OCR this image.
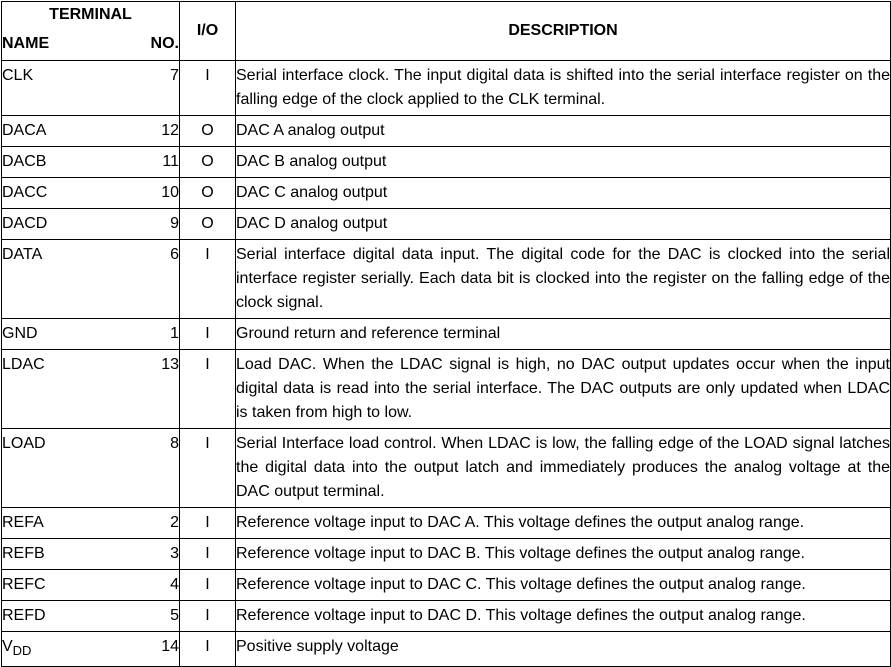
TERMINAL		I/O	DESCRIPTION
NAME	NO.		
CLK	7	I	Serial interface clock. The input digital data is shifted into the serial interface register on the falling edge of the clock applied to the CLK terminal.
DACA	12	O	DAC A analog output
DACB	11	O	DAC B analog output
DACC	10	O	DAC C analog output
DACD	9	O	DAC D analog output
DATA	6	I	Serial interface digital data input. The digital code for the DAC is clocked into the serial interface register serially. Each data bit is clocked into the register on the falling edge of the clock signal.
GND	1	I	Ground return and reference terminal
LDAC	13	I	Load DAC. When the LDAC signal is high, no DAC output updates occur when the input digital data is read into the serial interface. The DAC outputs are only updated when LDAC is taken from high to low.
LOAD	8	I	Serial Interface load control. When LDAC is low, the falling edge of the LOAD signal latches the digital data into the output latch and immediately produces the analog voltage at the DAC output terminal.
REFA	2	I	Reference voltage input to DAC A. This voltage defines the output analog range.
REFB	3	I	Reference voltage input to DAC B. This voltage defines the output analog range.
REFC	4	I	Reference voltage input to DAC C. This voltage defines the output analog range.
REFD	5	I	Reference voltage input to DAC D. This voltage defines the output analog range.
$V_{DD}$	14	I	Positive supply voltage
